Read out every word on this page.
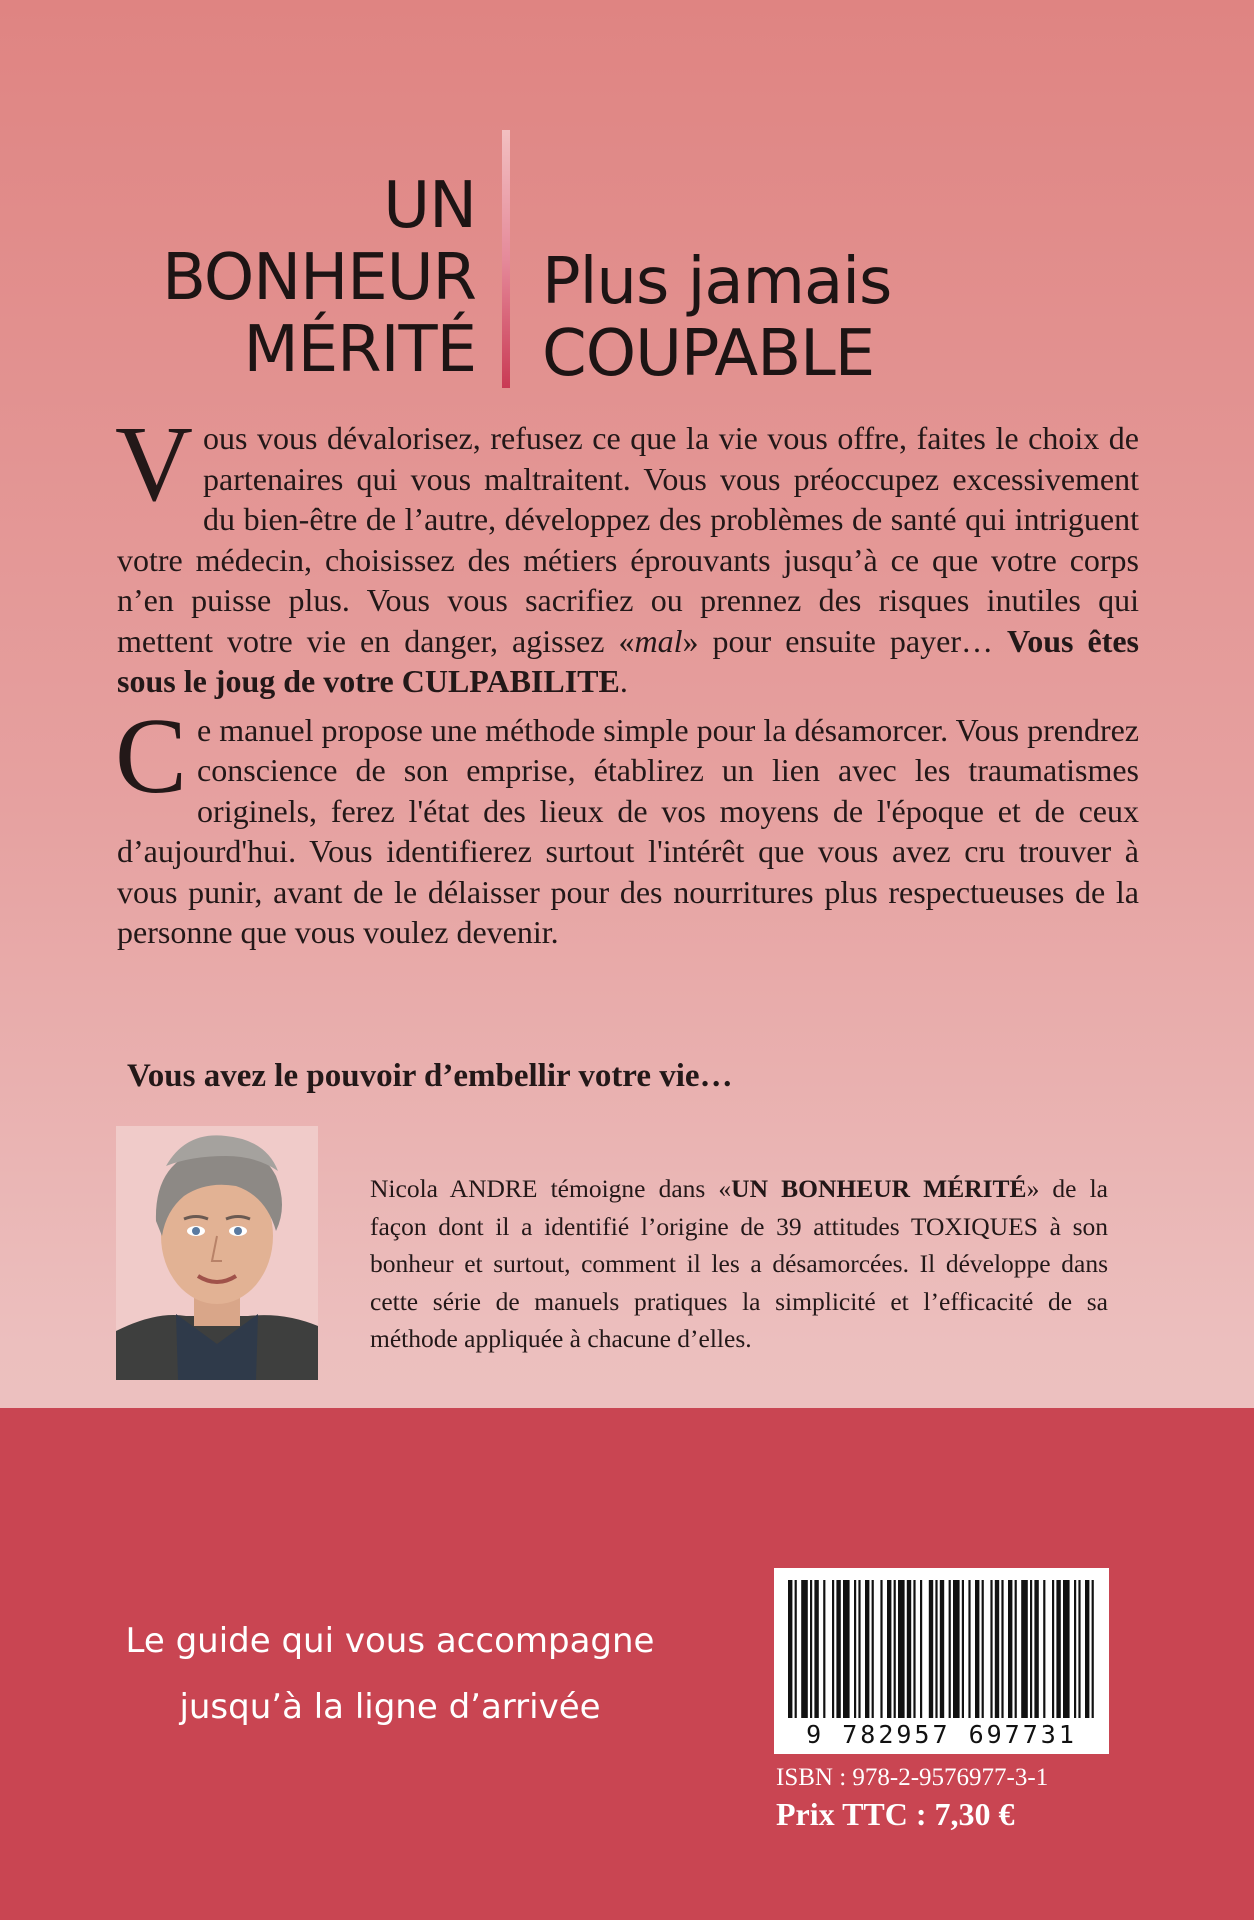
UN
BONHEUR
MÉRITÉ
Plus jamais
COUPABLE

Vous vous dévalorisez, refusez ce que la vie vous offre, faites le choix de partenaires qui vous maltraitent. Vous vous préoccupez excessivement du bien-être de l’autre, développez des problèmes de santé qui intriguent votre médecin, choisissez des métiers éprouvants jusqu’à ce que votre corps n’en puisse plus. Vous vous sacrifiez ou prennez des risques inutiles qui mettent votre vie en danger, agissez «mal» pour ensuite payer… Vous êtes sous le joug de votre CULPABILITE.

Ce manuel propose une méthode simple pour la désamorcer. Vous prendrez conscience de son emprise, établirez un lien avec les traumatismes originels, ferez l'état des lieux de vos moyens de l'époque et de ceux d’aujourd'hui. Vous identifierez surtout l'intérêt que vous avez cru trouver à vous punir, avant de le délaisser pour des nourritures plus respectueuses de la personne que vous voulez devenir.

Vous avez le pouvoir d’embellir votre vie…
Nicola ANDRE témoigne dans «UN BONHEUR MÉRITÉ» de la façon dont il a identifié l’origine de 39 attitudes TOXIQUES à son bonheur et surtout, comment il les a désamorcées. Il développe dans cette série de manuels pratiques la simplicité et l’efficacité de sa méthode appliquée à chacune d’elles.
Le guide qui vous accompagne
jusqu’à la ligne d’arrivée
9 782957 697731
ISBN : 978-2-9576977-3-1
Prix TTC : 7,30 €
